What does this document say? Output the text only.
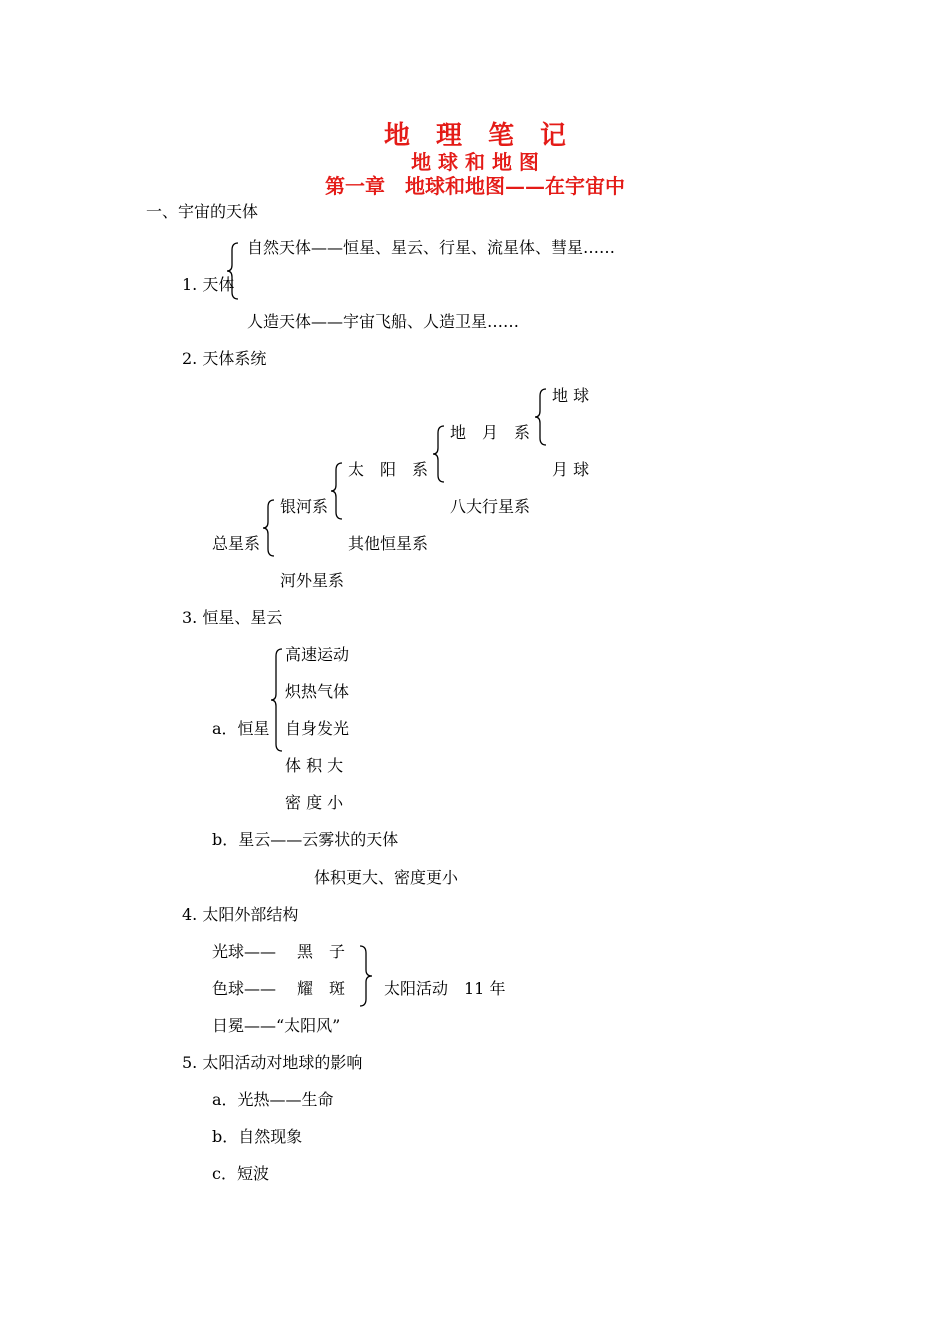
地　理　笔　记
地 球 和 地 图
第一章　地球和地图——在宇宙中
一、宇宙的天体
自然天体——恒星、星云、行星、流星体、彗星……
1. 天体
人造天体——宇宙飞船、人造卫星……
2. 天体系统
地 球
地　月　系
月 球
太　阳　系
八大行星系
银河系
其他恒星系
总星系
河外星系
3. 恒星、星云
高速运动
炽热气体
a．恒星 自身发光
体 积 大
密 度 小
b．星云——云雾状的天体
体积更大、密度更小
4. 太阳外部结构
光球—— 黑　子
色球—— 耀　斑 太阳活动　11 年
日冕——“太阳风”
5. 太阳活动对地球的影响
a．光热——生命
b．自然现象
c．短波
